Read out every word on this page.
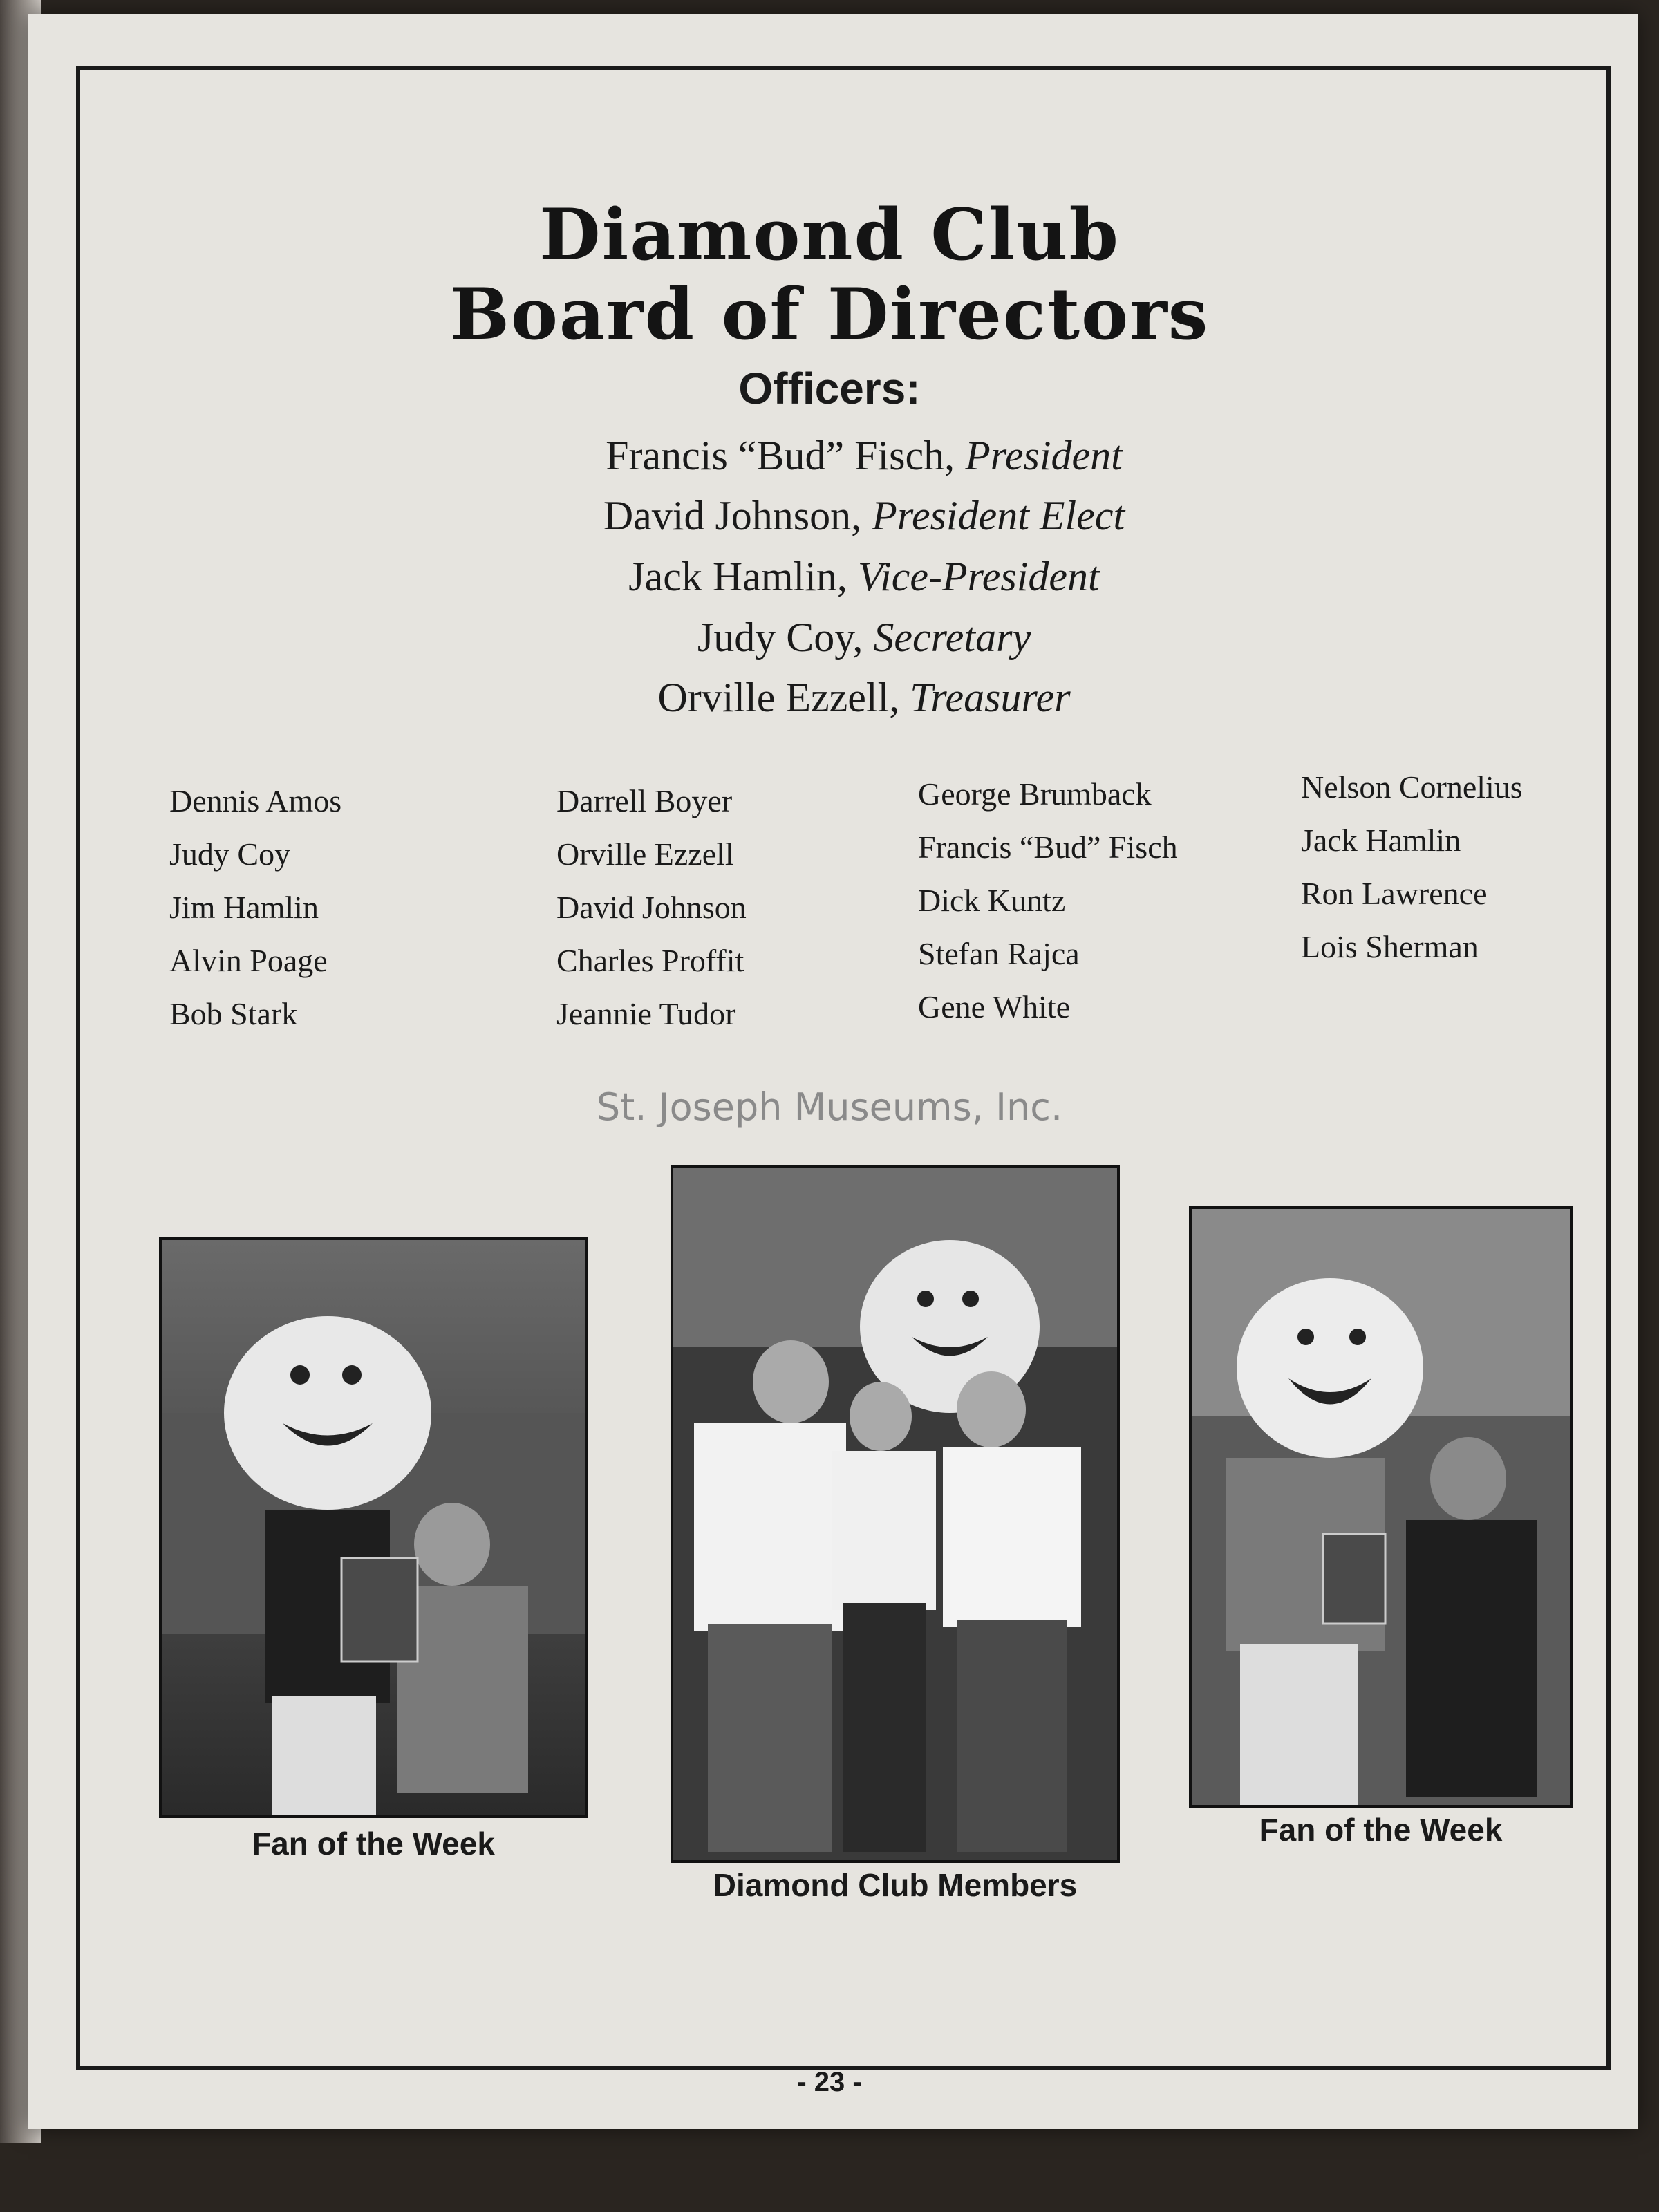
Diamond Club
Board of Directors
Officers:
Francis “Bud” Fisch, President
David Johnson, President Elect
Jack Hamlin, Vice-President
Judy Coy, Secretary
Orville Ezzell, Treasurer
Dennis Amos
Judy Coy
Jim Hamlin
Alvin Poage
Bob Stark
Darrell Boyer
Orville Ezzell
David Johnson
Charles Proffit
Jeannie Tudor
George Brumback
Francis “Bud” Fisch
Dick Kuntz
Stefan Rajca
Gene White
Nelson Cornelius
Jack Hamlin
Ron Lawrence
Lois Sherman
St. Joseph Museums, Inc.
Fan of the Week
Diamond Club Members
Fan of the Week
- 23 -
